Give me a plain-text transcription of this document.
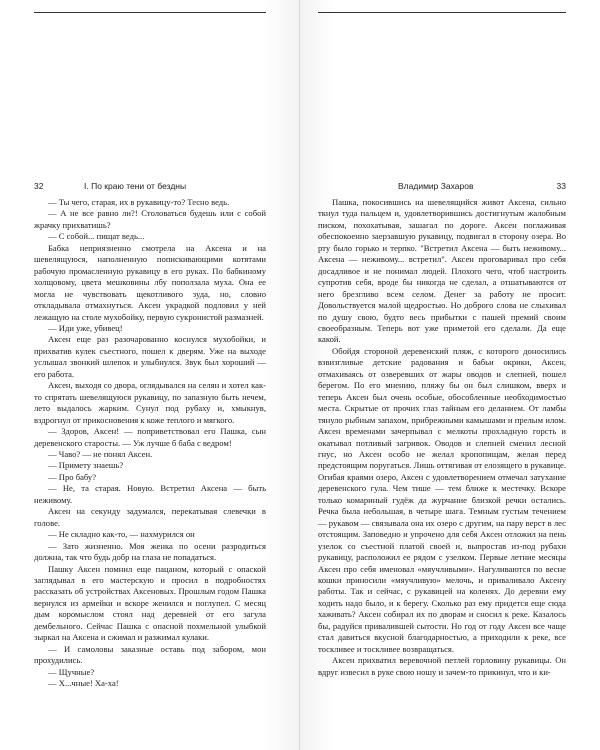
32	I. По краю тени от бездны

— Ты чего, старая, их в рукавицу-то? Тесно ведь.

— А не все равно ли?! Столоваться будешь или с собой жрачку прихватишь?

— С собой... пищат ведь...

Бабка неприязненно смотрела на Аксена и на шевелящуюся, наполненную попискивающими котятами рабочую промасленную рукавицу в его руках. По бабкиному холщовому, цвета мешковины лбу поползала муха. Она ее могла не чувствовать щекотливого зуда, но, словно откладывала отмахнуться. Аксен украдкой подловил у ней лежащую на столе мухобойку, первую сукронистой размазней.

— Иди уже, убивец!

Аксен еще раз разочарованно коснулся мухобойки, и прихватив кулек съестного, пошел к дверям. Уже на выходе услышал звонкий шлепок и улыбнулся. Звук был хороший — его работа.

Аксен, выходя со двора, оглядывался на селян и хотел как-то спрятать шевелящуюся рукавицу, по запазную быть нечем, лето выдалось жарким. Сунул под рубаху и, хмыкнув, вздрогнул от прикосновения к коже теплого и мягкого.

— Здоров, Аксен! — поприветствовал его Пашка, сын деревенского старосты. — Уж лучше б баба с ведром!

— Чаво? — не понял Аксен.

— Примету знаешь?

— Про бабу?

— Не, та старая. Новую. Встретил Аксена — быть неживому.

Аксен на секунду задумался, перекатывая слевечки в голове.

— Не складно как-то, — нахмурился он

— Зато жизненно. Моя женка по осени разродиться должна, так что будь добр на глаза не попадаться.

Пашку Аксен помнил еще пацаном, который с опаской заглядывал в его мастерскую и просил в подробностях рассказать об устройствах Аксеновых. Прошлым годом Пашка вернулся из армейки и вскоре женился и поглупел. С месяц дым коромыслом стоял над деревней от его загула дембельного. Сейчас Пашка с опасной похмельной улыбкой зыркал на Аксена и сжимал и разжимал кулаки.

— И самоловы заказные оставь под забором, мон прохудились.

— Щучные?

— Х...чные! Ха-ха!

Владимир Захаров	33

Пашка, покосившись на шевелящийся живот Аксена, сильно ткнул туда пальцем и, удовлетворившись достигнутым жалобным писком, похохатывая, зашагал по дороге. Аксен поглаживая обеспокоенно заерзавшую рукавицу, подвигал в сторону озера. Во рту было горько и терпко. "Встретил Аксена — быть неживому... Аксена — неживому... встретил". Аксен проговаривал про себя досадливое и не понимал людей. Плохого чего, чтоб настроить супротив себя, вроде бы никогда не сделал, а отшатываются от него брезгливо всем селом. Денег за работу не просит. Довольствуется малой щедростью. Но доброго слова не слыхивал по душу свою, будто весь прибытки с пашей премий своим своеобразным. Теперь вот уже приметой его сделали. Да еще какой.

Обойдя стороной деревенский пляж, с которого доносились взвизгливые детские радования и бабьи окрики, Аксен, отмахиваясь от озверевших от жары оводов и слепней, пошел берегом. По его мнению, пляжу бы он был слишком, вверх и теперь Аксен был очень особые, обособленные необходимостью места. Скрытые от прочих глаз тайным его деланием. От ламбы тянуло рыбным запахом, прибрежными камышами и прелым илом. Аксен временами зачерпывал с мелкоты прохладную горсть и окатывал потливый загривок. Оводов и слепней сменил лесной гнус, но Аксен особо не желал кропопищам, желая перед предстоящим поругаться. Лишь оттягивая от елозящего в рукавице. Огибая краями озеро, Аксен с удовлетворением отмечал затухание деревенского гула. Чем тише — тем ближе к местечку. Вскоре только комариный гудёж да журчание близкой речки остались. Речка была небольшая, в четыре шага. Темным густым течением — рукавом — связывала она их озеро с другим, на пару верст в лес отстоящим. Заповедно и упрочено для себя Аксен отложил на пень узелок со съестной платой своей и, выпростав из-под рубахи рукавицу, расположил ее рядом с узелком. Первые летние месяцы Аксен про себя именовал «мяучливыми». Нагуливаются по весне кошки приносили «мяучливую» мелочь, и приваливало Аксену работы. Так и сейчас, с рукавицей на коленях. До деревни ему ходить надо было, и к берегу. Сколько раз ему придется еще сюда хаживать? Аксен собирал их по дворам и сносил к реке. Казалось бы, радуйся привалившей сытости. Но год от году Аксен все чаще стал давиться вкусной благодарностью, а приходили к реке, все тоскливее и тоскливее возвращаться.

Аксен прихватил веревочной петлей горловину рукавицы. Он вдруг извесил в руке свою ношу и зачем-то прикинул, что и ки-
